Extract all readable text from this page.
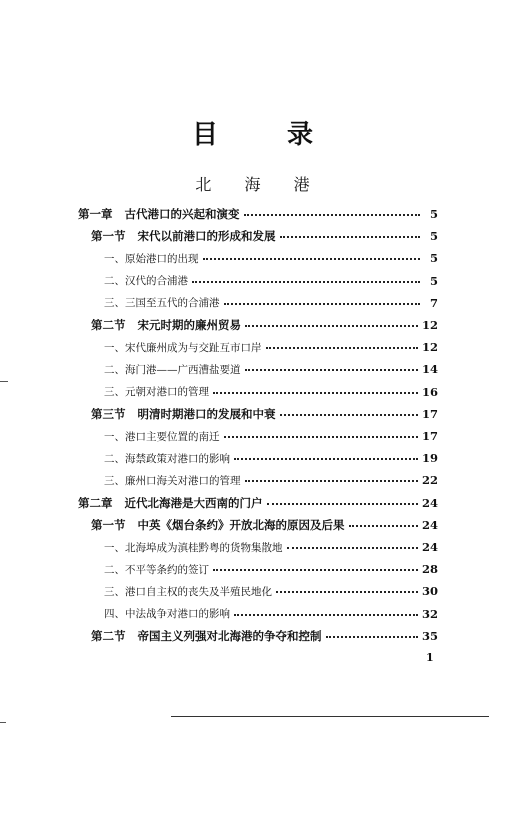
目 录
北 海 港
第一章 古代港口的兴起和演变	5
第一节 宋代以前港口的形成和发展	5
一、原始港口的出现	5
二、汉代的合浦港	5
三、三国至五代的合浦港	7
第二节 宋元时期的廉州贸易	12
一、宋代廉州成为与交趾互市口岸	12
二、海门港——广西漕盐要道	14
三、元朝对港口的管理	16
第三节 明清时期港口的发展和中衰	17
一、港口主要位置的南迁	17
二、海禁政策对港口的影响	19
三、廉州口海关对港口的管理	22
第二章 近代北海港是大西南的门户	24
第一节 中英《烟台条约》开放北海的原因及后果	24
一、北海埠成为滇桂黔粤的货物集散地	24
二、不平等条约的签订	28
三、港口自主权的丧失及半殖民地化	30
四、中法战争对港口的影响	32
第二节 帝国主义列强对北海港的争夺和控制	35
1
